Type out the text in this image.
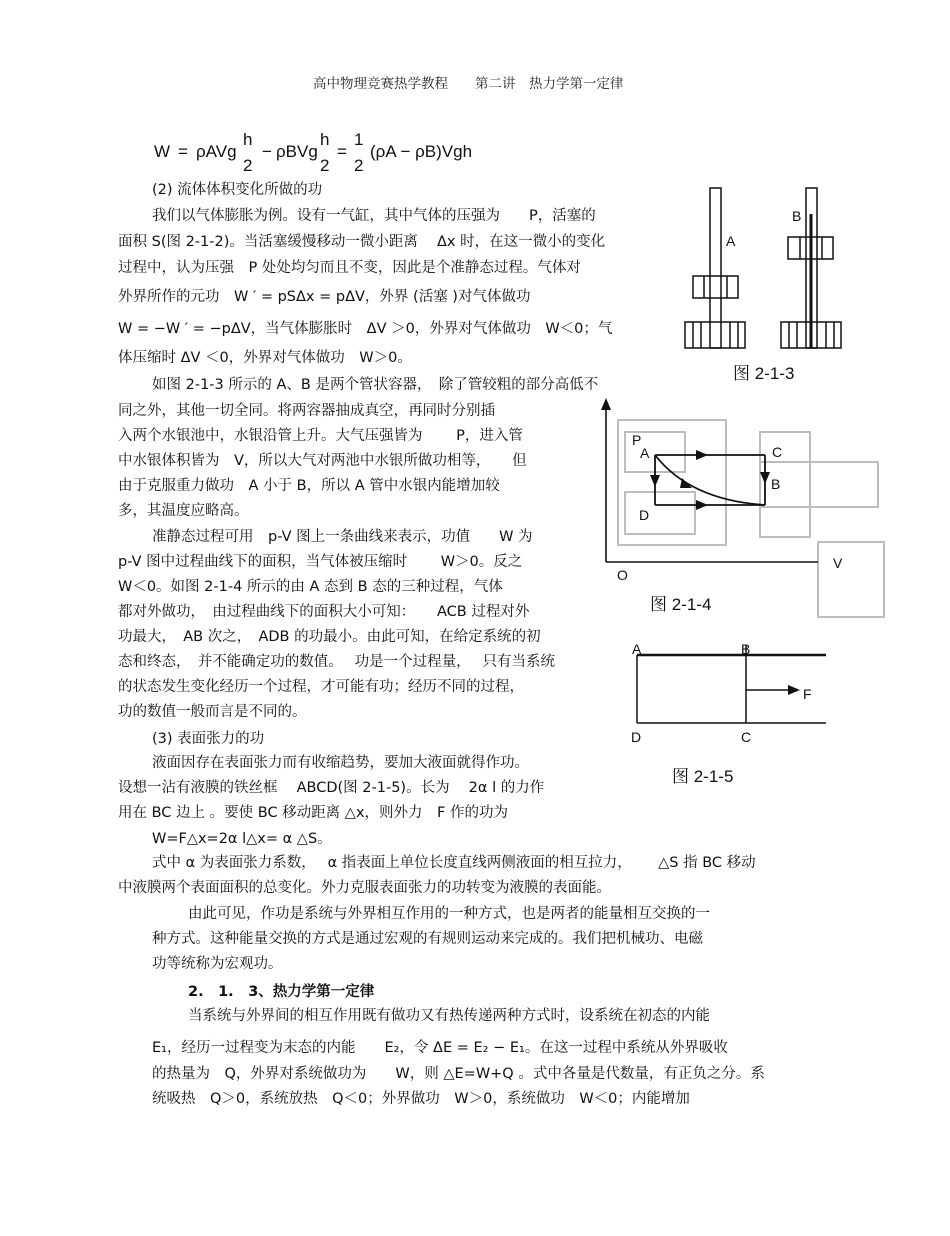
高中物理竞赛热学教程　　第二讲　热力学第一定律
W = ρAVg
h
2
− ρBVg
h
2
=
1
2
(ρA − ρB)Vgh
(2) 流体体积变化所做的功
我们以气体膨胀为例。设有一气缸，其中气体的压强为　　P，活塞的
面积 S(图 2-1-2)。当活塞缓慢移动一微小距离　 Δx 时，在这一微小的变化
过程中，认为压强　P 处处均匀而且不变，因此是个准静态过程。气体对
外界所作的元功　W ′ = pSΔx = pΔV，外界 (活塞 )对气体做功
W = −W ′ = −pΔV，当气体膨胀时　ΔV ＞0，外界对气体做功　W＜0；气
体压缩时 ΔV ＜0，外界对气体做功　W＞0。
如图 2-1-3 所示的 A、B 是两个管状容器，　除了管较粗的部分高低不
同之外，其他一切全同。将两容器抽成真空，再同时分别插
入两个水银池中，水银沿管上升。大气压强皆为　　 P，进入管
中水银体积皆为　V，所以大气对两池中水银所做功相等，　　但
由于克服重力做功　A 小于 B，所以 A 管中水银内能增加较
多，其温度应略高。
准静态过程可用　p-V 图上一条曲线来表示，功值　　W 为
p-V 图中过程曲线下的面积，当气体被压缩时　　 W＞0。反之
W＜0。如图 2-1-4 所示的由 A 态到 B 态的三种过程，气体
都对外做功，　由过程曲线下的面积大小可知：　　ACB 过程对外
功最大，　AB 次之，　ADB 的功最小。由此可知，在给定系统的初
态和终态，　并不能确定功的数值。　 功是一个过程量，　 只有当系统
的状态发生变化经历一个过程，才可能有功；经历不同的过程，
功的数值一般而言是不同的。
(3) 表面张力的功
液面因存在表面张力而有收缩趋势，要加大液面就得作功。
设想一沾有液膜的铁丝框　 ABCD(图 2-1-5)。长为　 2α l 的力作
用在 BC 边上 。要使 BC 移动距离 △x，则外力　F 作的功为
W=F△x=2α l△x= α △S。
式中 α 为表面张力系数，　 α 指表面上单位长度直线两侧液面的相互拉力，　　 △S 指 BC 移动
中液膜两个表面面积的总变化。外力克服表面张力的功转变为液膜的表面能。
由此可见，作功是系统与外界相互作用的一种方式，也是两者的能量相互交换的一
种方式。这种能量交换的方式是通过宏观的有规则运动来完成的。我们把机械功、电磁
功等统称为宏观功。
2.　1.　3、热力学第一定律
当系统与外界间的相互作用既有做功又有热传递两种方式时，设系统在初态的内能
E₁，经历一过程变为末态的内能　　E₂，令 ΔE = E₂ − E₁。在这一过程中系统从外界吸收
的热量为　Q，外界对系统做功为　　W，则 △E=W+Q 。式中各量是代数量，有正负之分。系
统吸热　Q＞0，系统放热　Q＜0；外界做功　W＞0，系统做功　W＜0；内能增加
A
B
图 2-1-3
P
A	C
B
D
O
V
图 2-1-4
A	B
F
D	C
图 2-1-5
